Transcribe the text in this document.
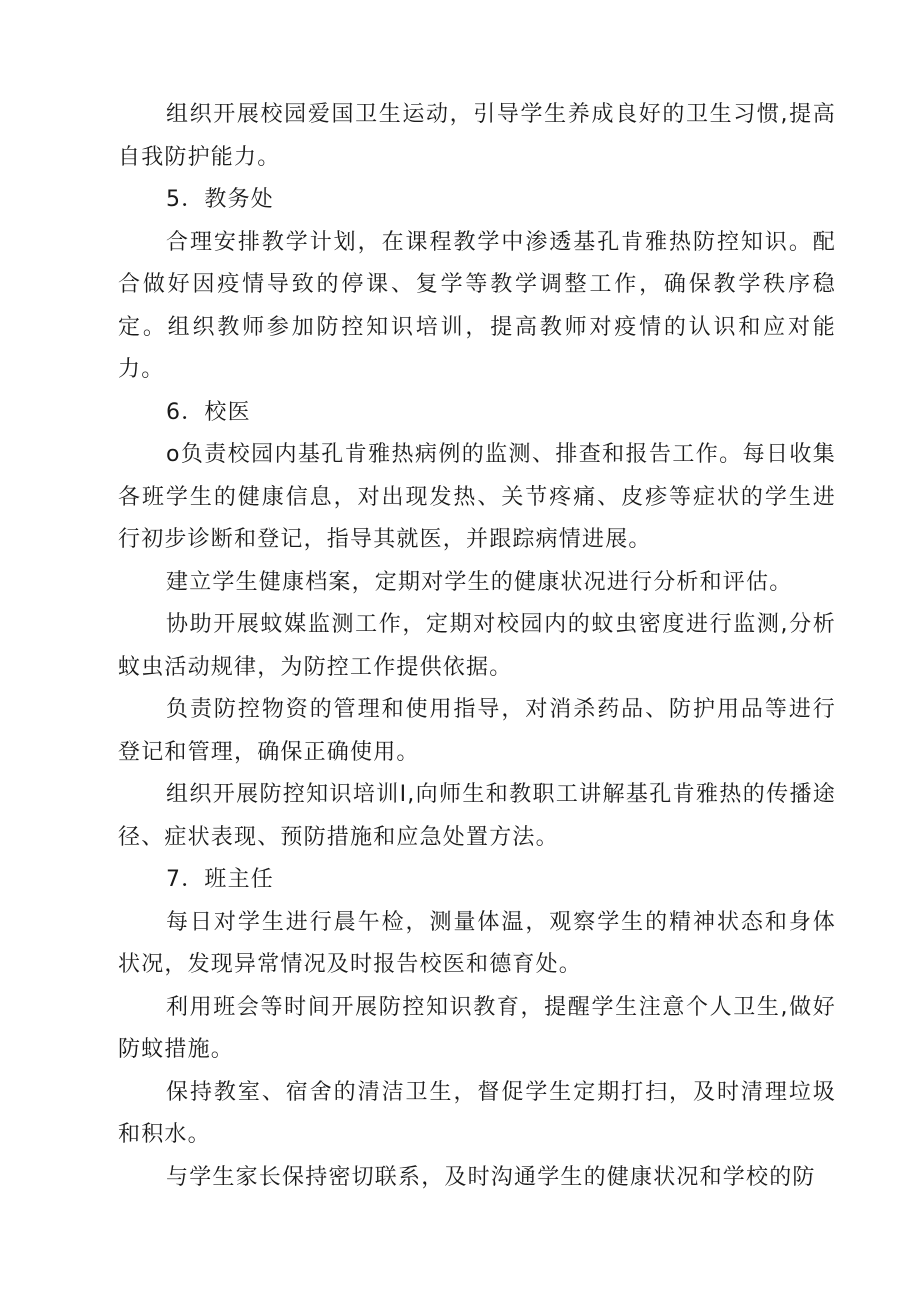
组织开展校园爱国卫生运动，引导学生养成良好的卫生习惯,提高自我防护能力。

5．教务处

合理安排教学计划，在课程教学中渗透基孔肯雅热防控知识。配合做好因疫情导致的停课、复学等教学调整工作，确保教学秩序稳定。组织教师参加防控知识培训，提高教师对疫情的认识和应对能力。

6．校医

o负责校园内基孔肯雅热病例的监测、排查和报告工作。每日收集各班学生的健康信息，对出现发热、关节疼痛、皮疹等症状的学生进行初步诊断和登记，指导其就医，并跟踪病情进展。

建立学生健康档案，定期对学生的健康状况进行分析和评估。

协助开展蚊媒监测工作，定期对校园内的蚊虫密度进行监测,分析蚊虫活动规律，为防控工作提供依据。

负责防控物资的管理和使用指导，对消杀药品、防护用品等进行登记和管理，确保正确使用。

组织开展防控知识培训I,向师生和教职工讲解基孔肯雅热的传播途径、症状表现、预防措施和应急处置方法。

7．班主任

每日对学生进行晨午检，测量体温，观察学生的精神状态和身体状况，发现异常情况及时报告校医和德育处。

利用班会等时间开展防控知识教育，提醒学生注意个人卫生,做好防蚊措施。

保持教室、宿舍的清洁卫生，督促学生定期打扫，及时清理垃圾和积水。

与学生家长保持密切联系，及时沟通学生的健康状况和学校的防
